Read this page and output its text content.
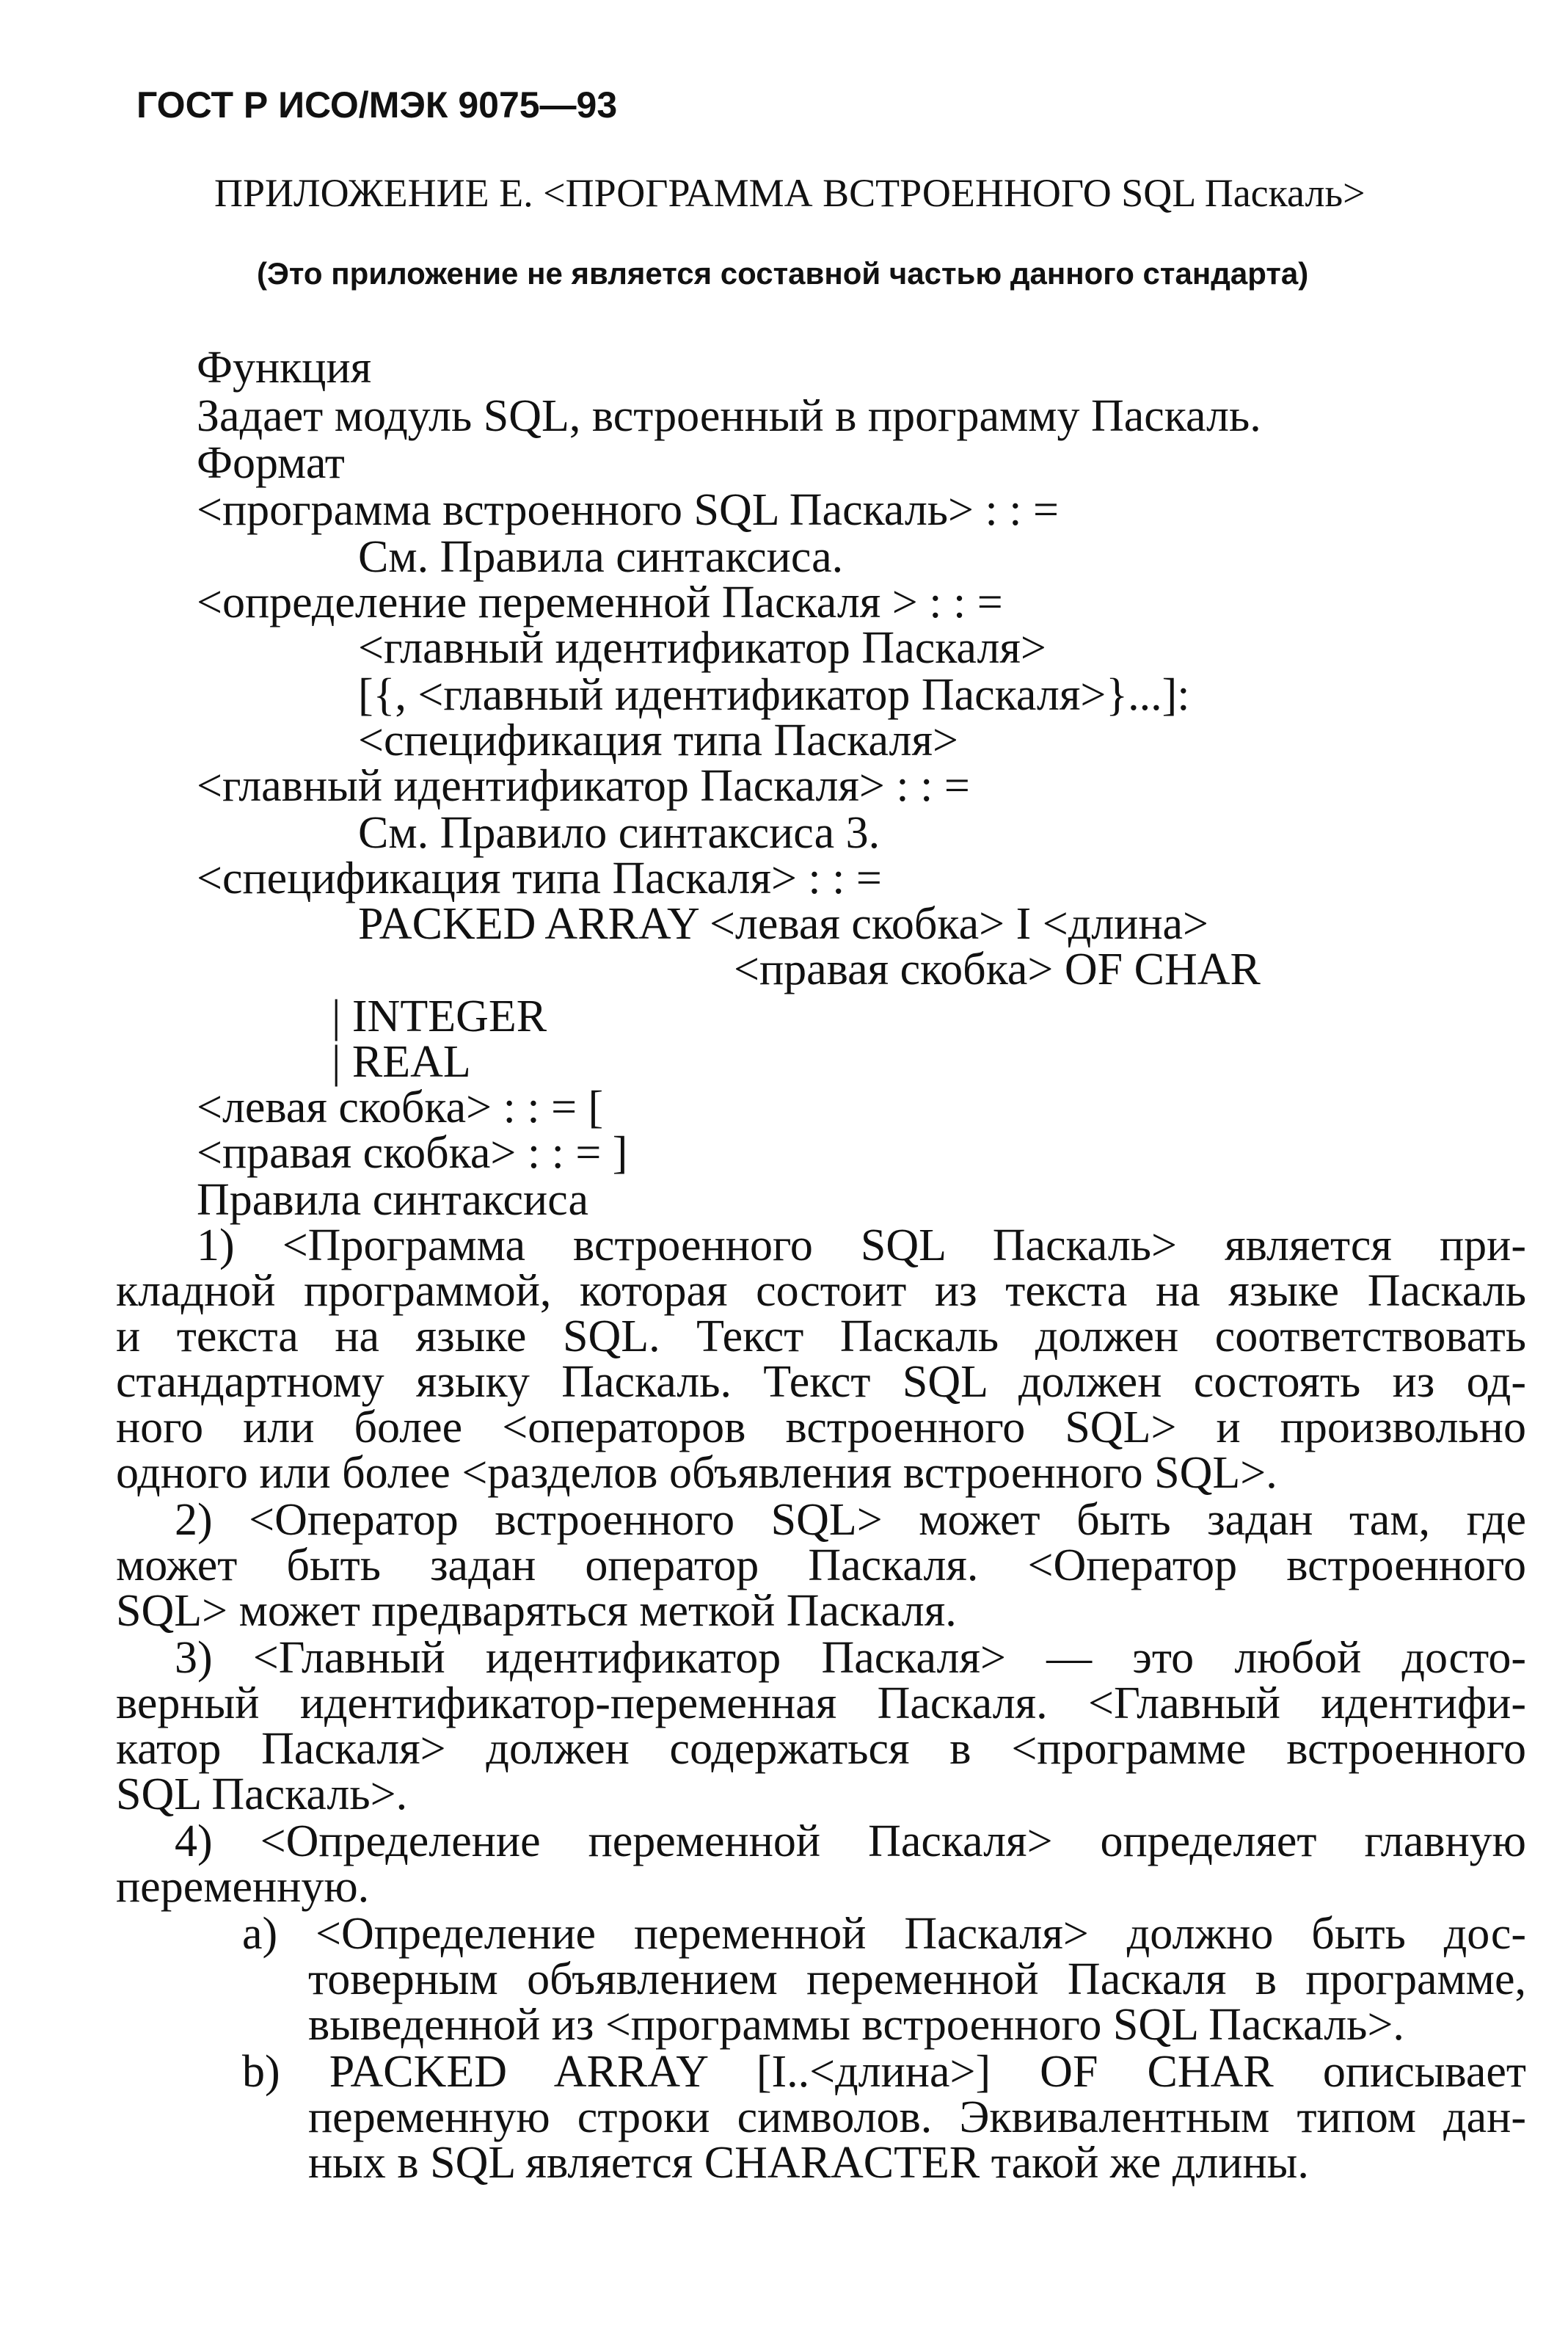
ГОСТ Р ИСО/МЭК 9075—93
ПРИЛОЖЕНИЕ Е. <ПРОГРАММА ВСТРОЕННОГО SQL Паскаль>
(Это приложение не является составной частью данного стандарта)
Функция
Задает модуль SQL, встроенный в программу Паскаль.
Формат
<программа встроенного SQL Паскаль> : : =
См. Правила синтаксиса.
<определение переменной Паскаля > : : =
<главный идентификатор Паскаля>
[{, <главный идентификатор Паскаля>}...]:
<спецификация типа Паскаля>
<главный идентификатор Паскаля> : : =
См. Правило синтаксиса 3.
<спецификация типа Паскаля> : : =
PACKED ARRAY <левая скобка> I <длина>
<правая скобка> OF CHAR
| INTEGER
| REAL
<левая скобка> : : = [
<правая скобка> : : = ]
Правила синтаксиса
1) <Программа встроенного SQL Паскаль> является при-
кладной программой, которая состоит из текста на языке Паскаль
и текста на языке SQL. Текст Паскаль должен соответствовать
стандартному языку Паскаль. Текст SQL должен состоять из од-
ного или более <операторов встроенного SQL> и произвольно
одного или более <разделов объявления встроенного SQL>.
2) <Оператор встроенного SQL> может быть задан там, где
может быть задан оператор Паскаля. <Оператор встроенного
SQL> может предваряться меткой Паскаля.
3) <Главный идентификатор Паскаля> — это любой досто-
верный идентификатор-переменная Паскаля. <Главный идентифи-
катор Паскаля> должен содержаться в <программе встроенного
SQL Паскаль>.
4) <Определение переменной Паскаля> определяет главную
переменную.
a) <Определение переменной Паскаля> должно быть дос-
товерным объявлением переменной Паскаля в программе,
выведенной из <программы встроенного SQL Паскаль>.
b) PACKED ARRAY [I..<длина>] OF CHAR описывает
переменную строки символов. Эквивалентным типом дан-
ных в SQL является CHARACTER такой же длины.
